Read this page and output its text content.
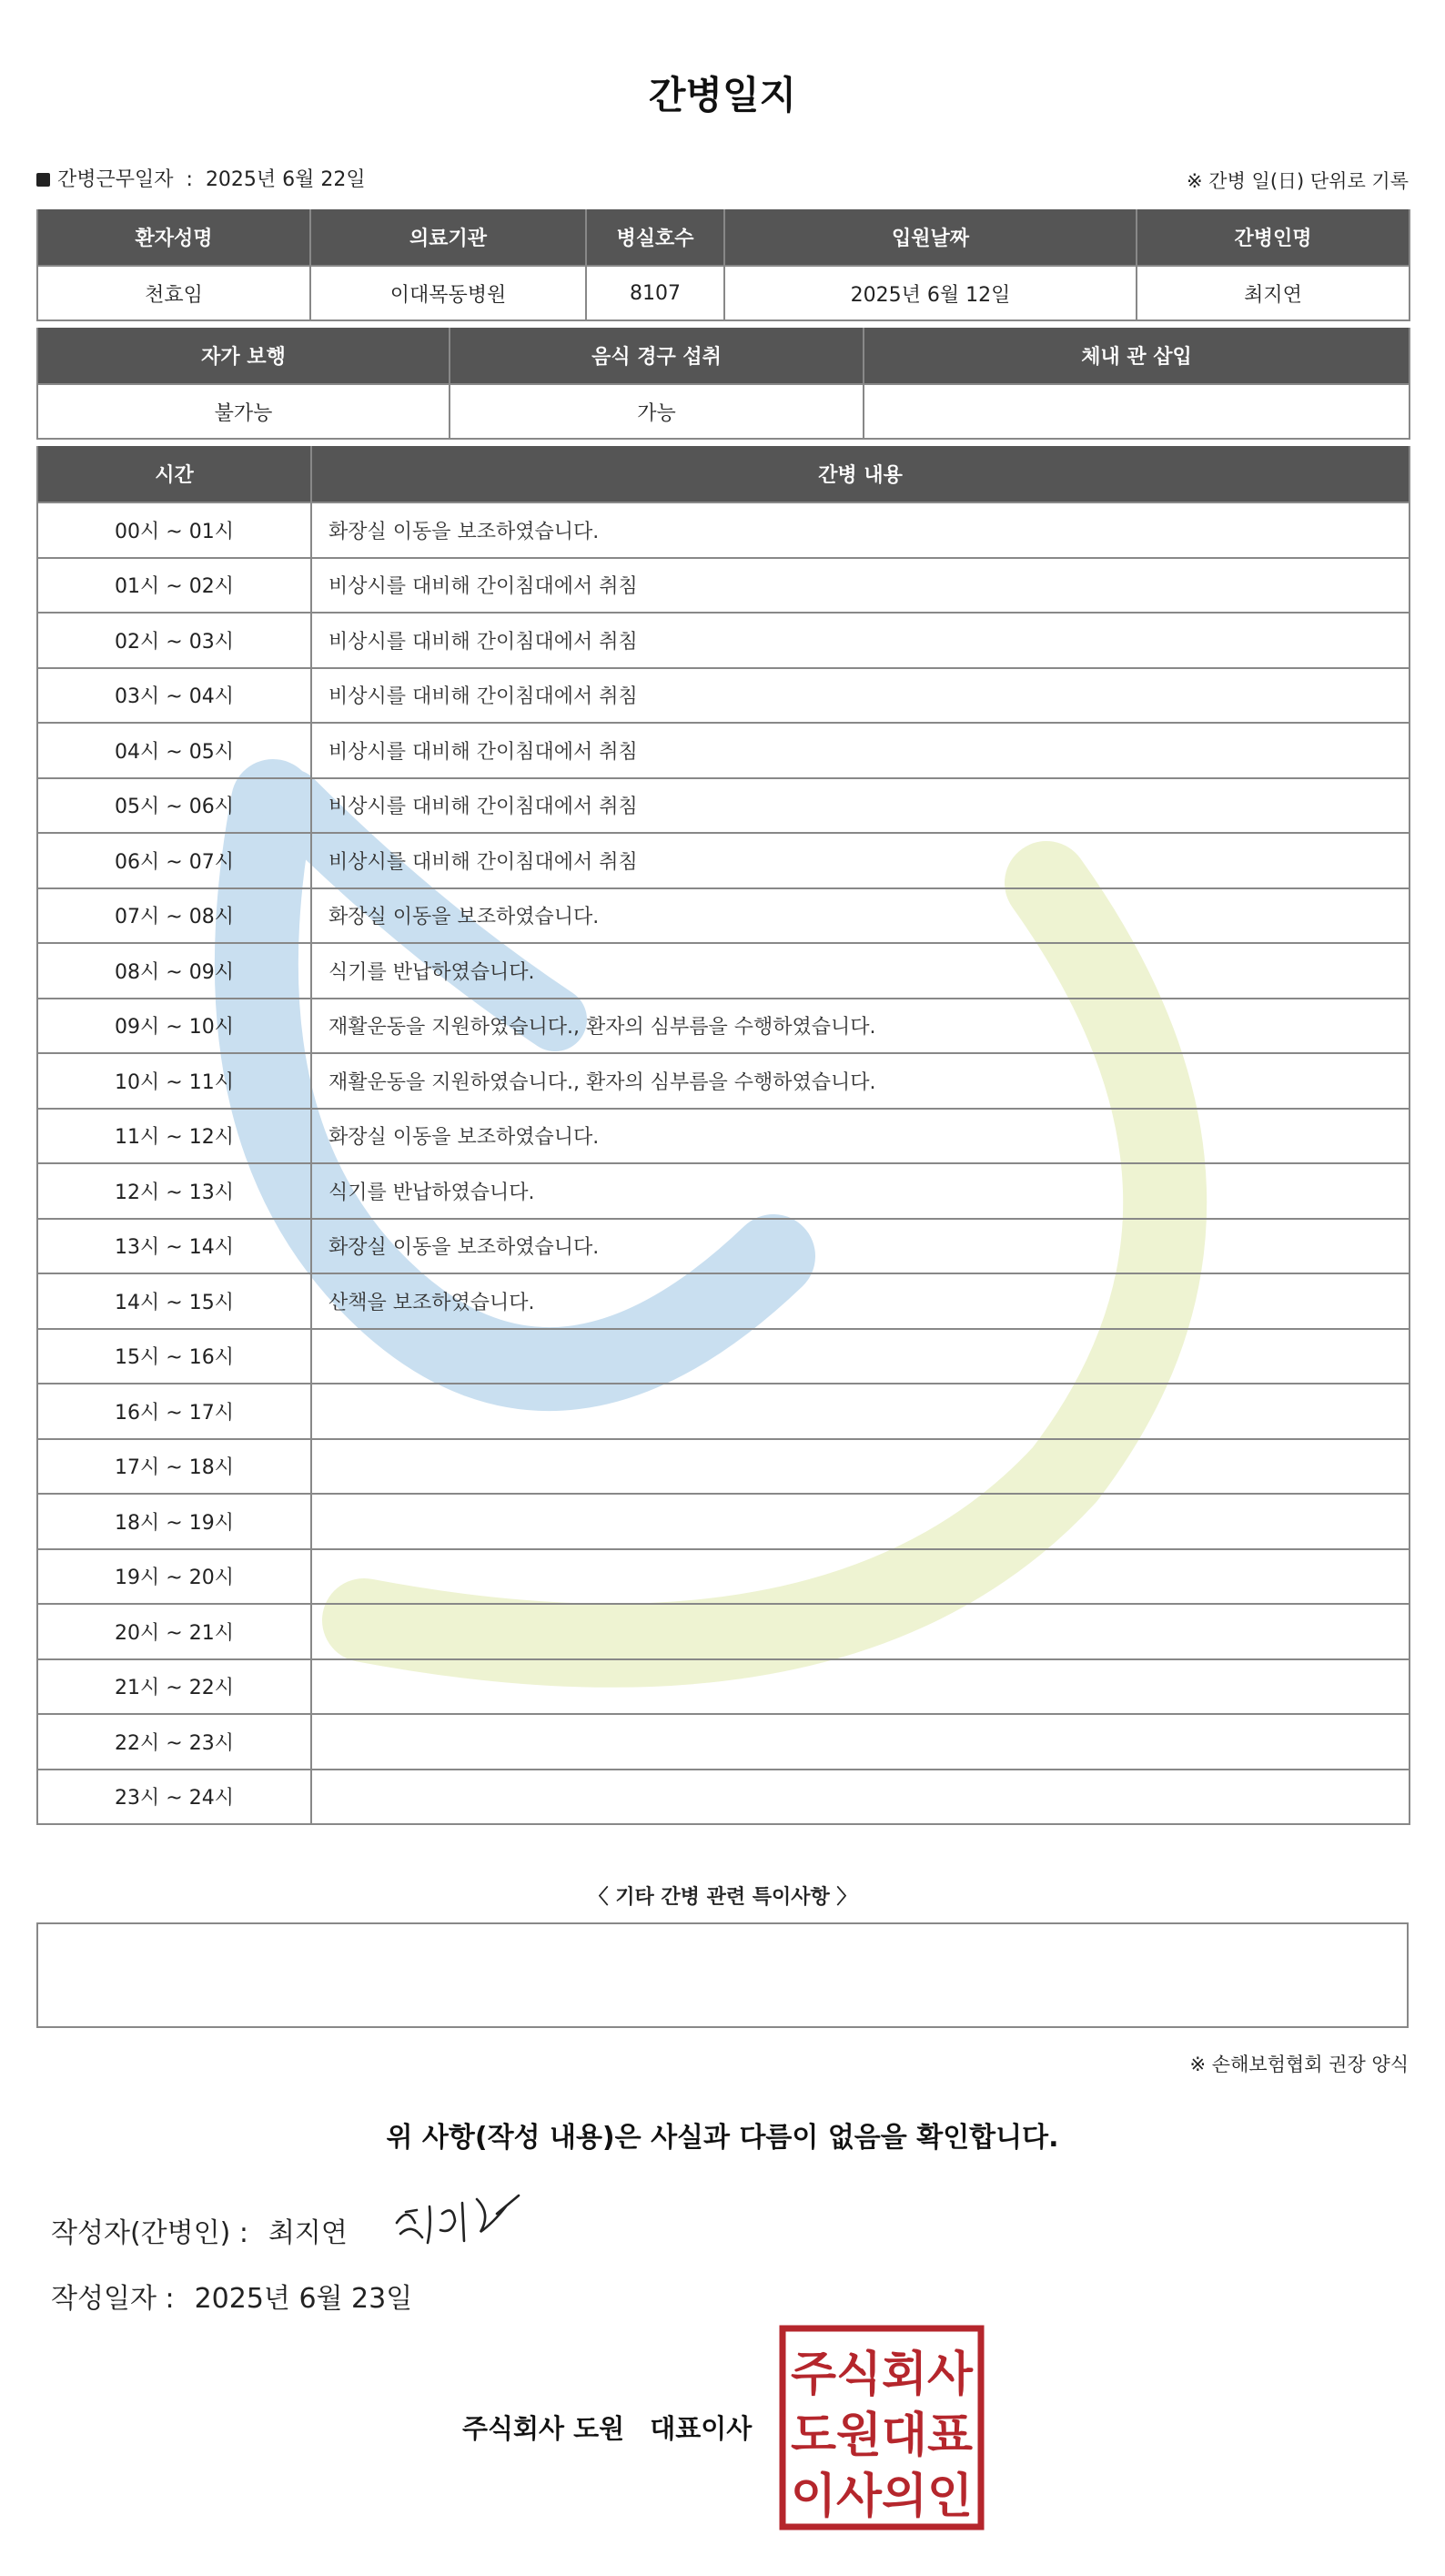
간병일지
간병근무일자 : 2025년 6월 22일	※ 간병 일(日) 단위로 기록
환자성명	의료기관	병실호수	입원날짜	간병인명
천효임	이대목동병원	8107	2025년 6월 12일	최지연
자가 보행	음식 경구 섭취	체내 관 삽입
불가능	가능	
시간	간병 내용
00시 ~ 01시	화장실 이동을 보조하였습니다.
01시 ~ 02시	비상시를 대비해 간이침대에서 취침
02시 ~ 03시	비상시를 대비해 간이침대에서 취침
03시 ~ 04시	비상시를 대비해 간이침대에서 취침
04시 ~ 05시	비상시를 대비해 간이침대에서 취침
05시 ~ 06시	비상시를 대비해 간이침대에서 취침
06시 ~ 07시	비상시를 대비해 간이침대에서 취침
07시 ~ 08시	화장실 이동을 보조하였습니다.
08시 ~ 09시	식기를 반납하였습니다.
09시 ~ 10시	재활운동을 지원하였습니다., 환자의 심부름을 수행하였습니다.
10시 ~ 11시	재활운동을 지원하였습니다., 환자의 심부름을 수행하였습니다.
11시 ~ 12시	화장실 이동을 보조하였습니다.
12시 ~ 13시	식기를 반납하였습니다.
13시 ~ 14시	화장실 이동을 보조하였습니다.
14시 ~ 15시	산책을 보조하였습니다.
15시 ~ 16시	
16시 ~ 17시	
17시 ~ 18시	
18시 ~ 19시	
19시 ~ 20시	
20시 ~ 21시	
21시 ~ 22시	
22시 ~ 23시	
23시 ~ 24시	
〈 기타 간병 관련 특이사항 〉
※ 손해보험협회 권장 양식
위 사항(작성 내용)은 사실과 다름이 없음을 확인합니다.
작성자(간병인) : 최지연
작성일자 : 2025년 6월 23일
주식회사 도원 대표이사
주식회사
도원대표
이사의인
